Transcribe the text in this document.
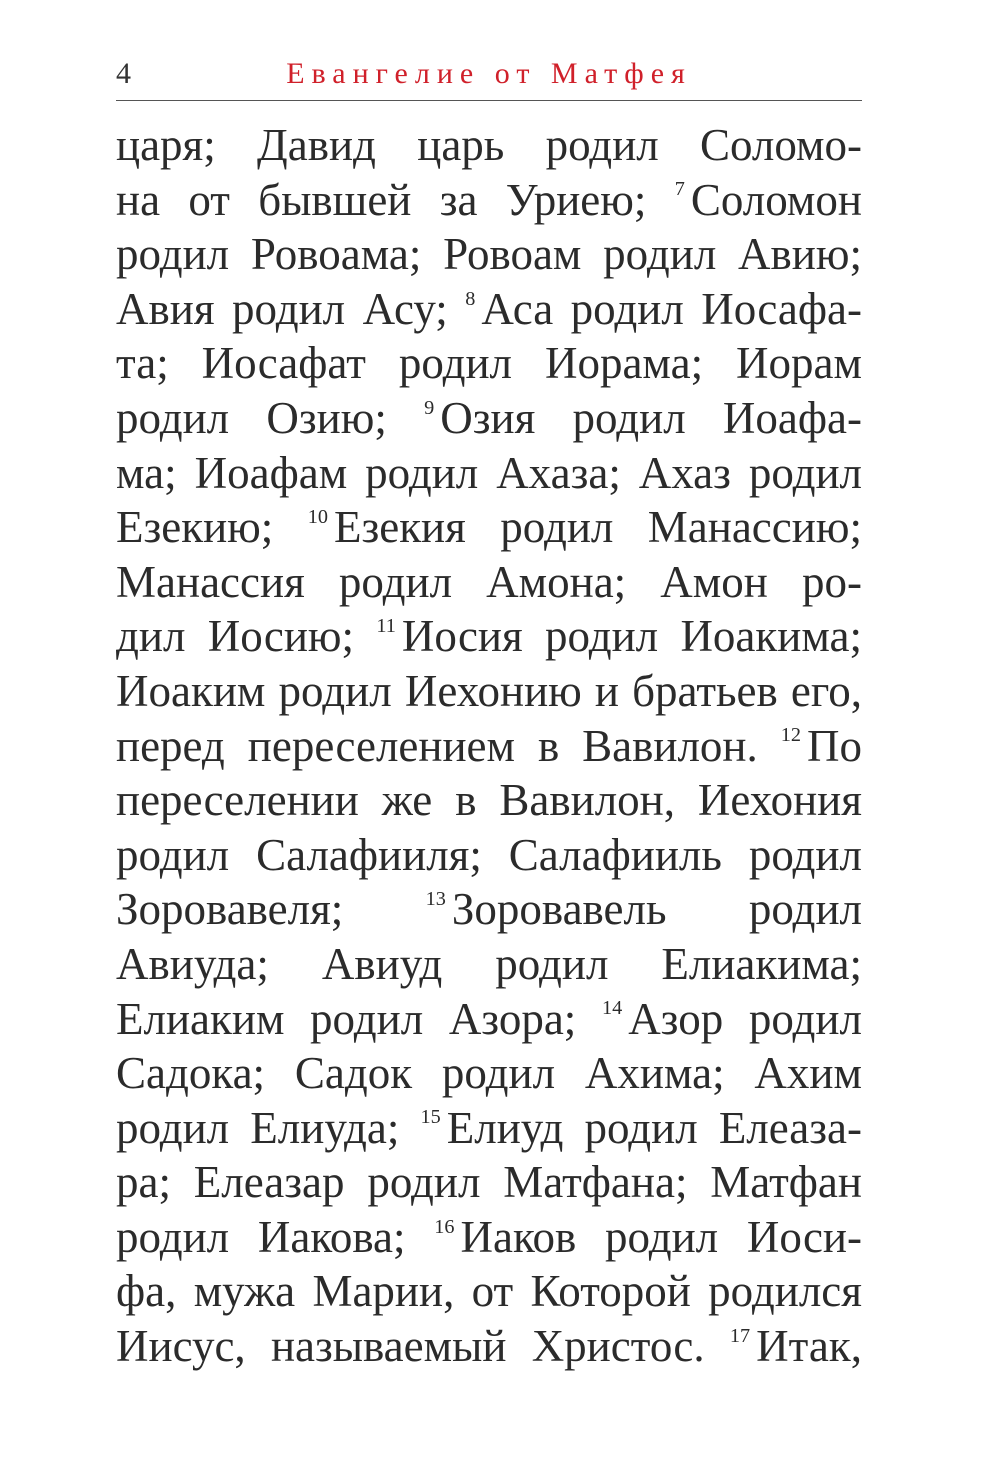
4	Евангелие от Матфея
царя; Давид царь родил Соломо-
на от бывшей за Уриею; $^7$ Соломон
родил Ровоама; Ровоам родил Авию;
Авия родил Асу; $^8$ Аса родил Иосафа-
та; Иосафат родил Иорама; Иорам
родил Озию; $^9$ Озия родил Иоафа-
ма; Иоафам родил Ахаза; Ахаз родил
Езекию; $^{10}$ Езекия родил Манассию;
Манассия родил Амона; Амон ро-
дил Иосию; $^{11}$ Иосия родил Иоакима;
Иоаким родил Иехонию и братьев его,
перед переселением в Вавилон. $^{12}$ По
переселении же в Вавилон, Иехония
родил Салафииля; Салафииль родил
Зоровавеля;	$^{13}$ Зоровавель родил
Авиуда; Авиуд родил Елиакима;
Елиаким родил Азора; $^{14}$ Азор родил
Садока; Садок родил Ахима; Ахим
родил Елиуда; $^{15}$ Елиуд родил Елеаза-
ра; Елеазар родил Матфана; Матфан
родил Иакова; $^{16}$ Иаков родил Иоси-
фа, мужа Марии, от Которой родился
Иисус, называемый Христос. $^{17}$ Итак,
